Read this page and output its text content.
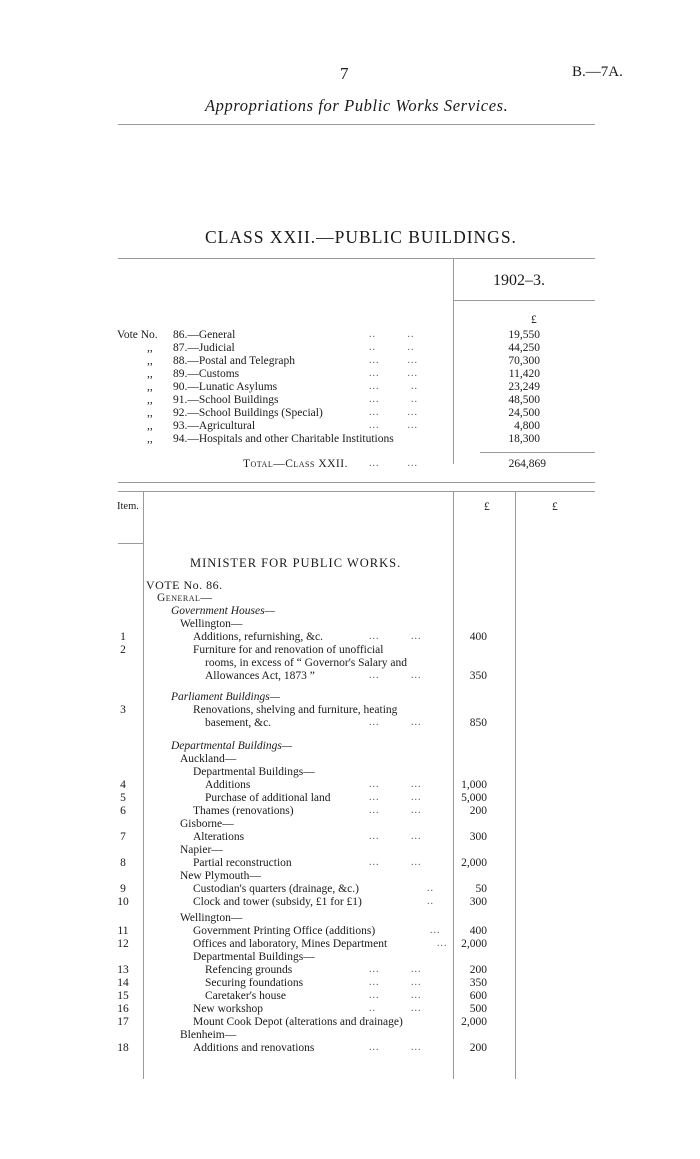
7	B.—7A.
Appropriations for Public Works Services.
CLASS XXII.—PUBLIC BUILDINGS.
1902–3.
£
Vote No. 86.—General	..         ..	19,550
,, 87.—Judicial	..         ..	44,250
,, 88.—Postal and Telegraph	...        ...	70,300
,, 89.—Customs	...        ...	11,420
,, 90.—Lunatic Asylums	...         ..	23,249
,, 91.—School Buildings	...         ..	48,500
,, 92.—School Buildings (Special)	...        ...	24,500
,, 93.—Agricultural	...        ...	4,800
,, 94.—Hospitals and other Charitable Institutions	18,300
Total—Class XXII. ...        ...	264,869
Item.	£	£
MINISTER FOR PUBLIC WORKS.
VOTE No. 86.
General—
Government Houses—
Wellington—
1	Additions, refurnishing, &c.	...         ...	400
2	Furniture for and renovation of unofficial
rooms, in excess of “ Governor's Salary and
Allowances Act, 1873 ”	...         ...	350
Parliament Buildings—
3	Renovations, shelving and furniture, heating
basement, &c.	...         ...	850
Departmental Buildings—
Auckland—
Departmental Buildings—
4	Additions	...         ...	1,000
5	Purchase of additional land	...         ...	5,000
6	Thames (renovations)	...         ...	200
Gisborne—
7	Alterations	...         ...	300
Napier—
8	Partial reconstruction	...         ...	2,000
New Plymouth—
9	Custodian's quarters (drainage, &c.)	..	50
10	Clock and tower (subsidy, £1 for £1)	..	300
Wellington—
11	Government Printing Office (additions)	...	400
12	Offices and laboratory, Mines Department	...	2,000
Departmental Buildings—
13	Refencing grounds	...         ...	200
14	Securing foundations	...         ...	350
15	Caretaker's house	...         ...	600
16	New workshop	..          ...	500
17	Mount Cook Depot (alterations and drainage)	2,000
Blenheim—
18	Additions and renovations	...         ...	200
